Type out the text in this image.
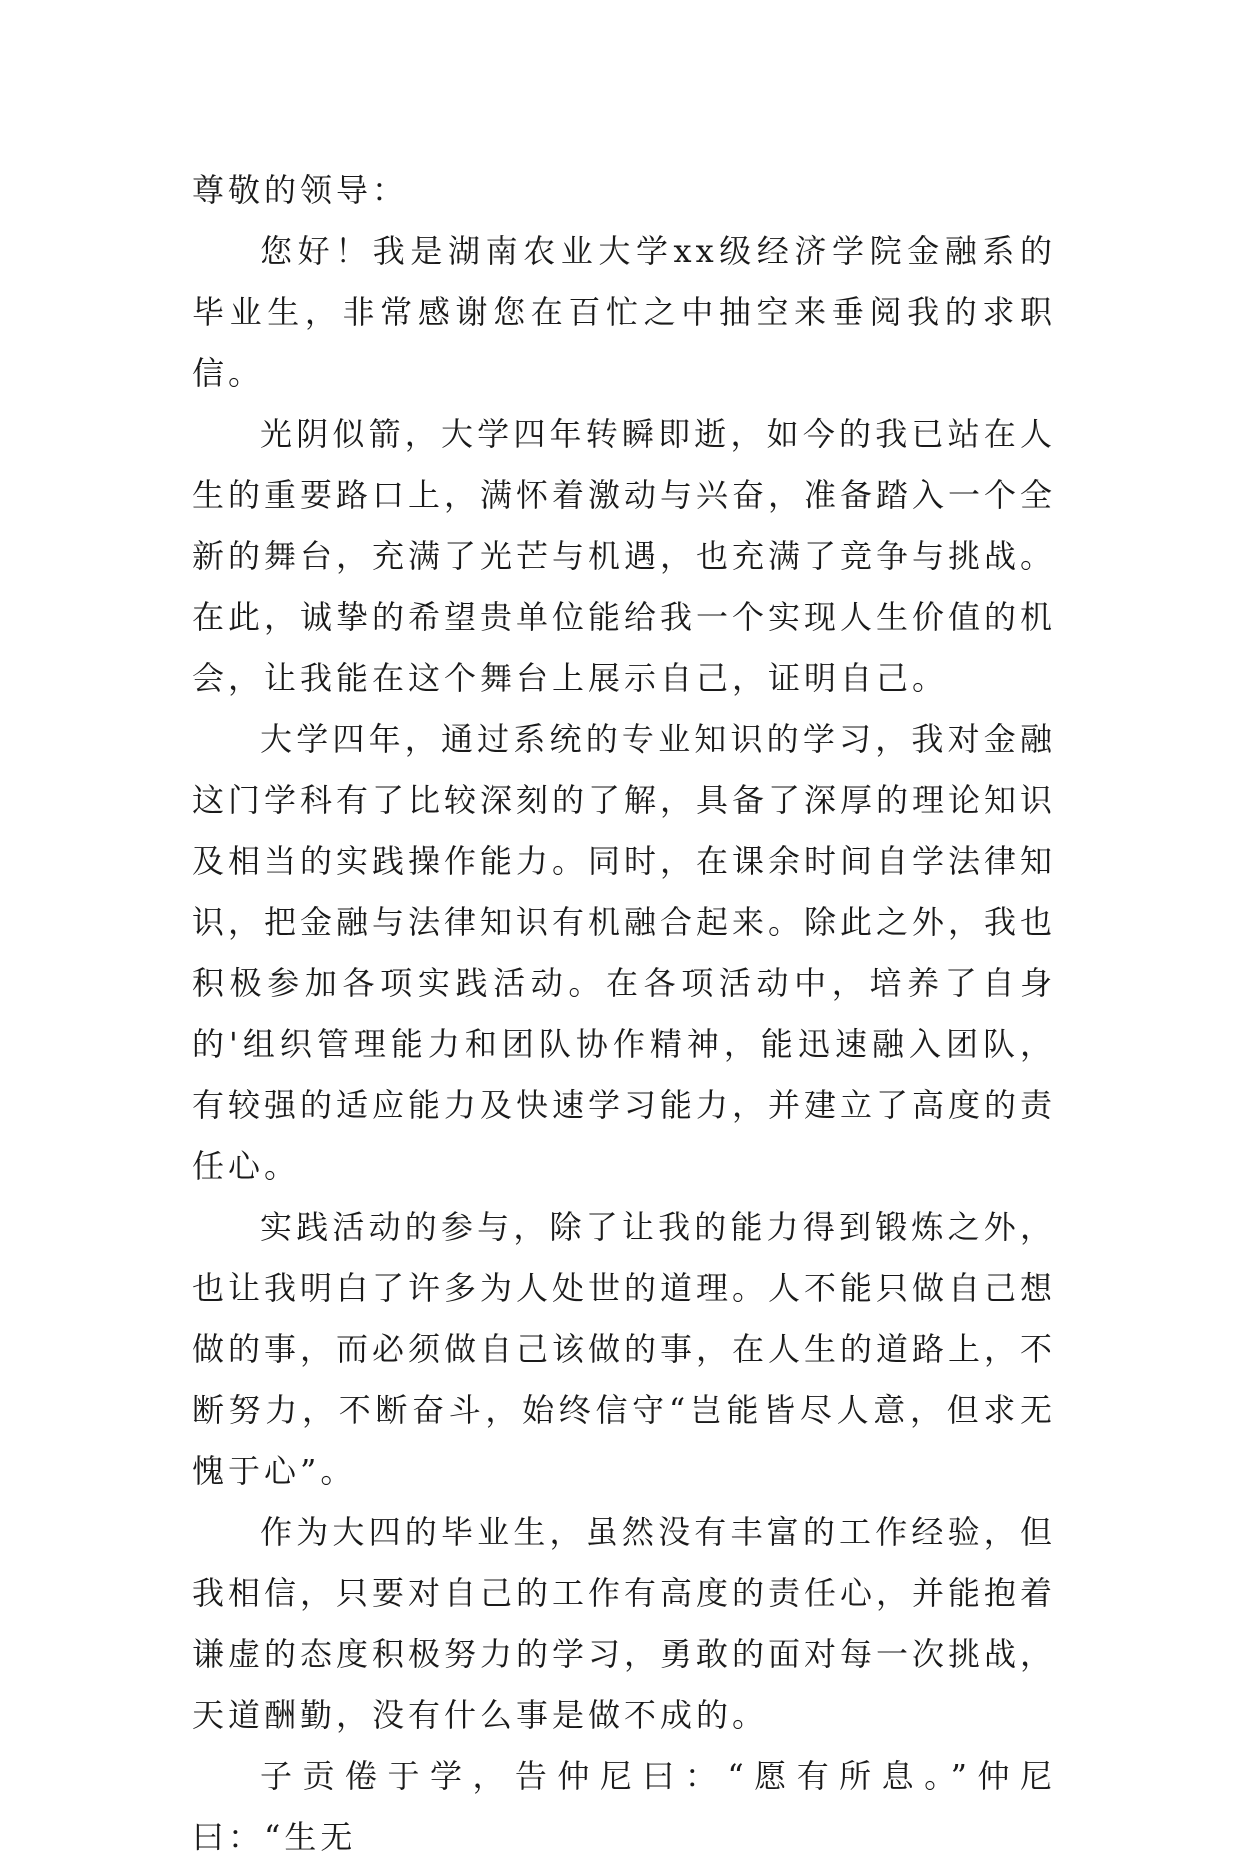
尊敬的领导：

您好！我是湖南农业大学xx级经济学院金融系的毕业生，非常感谢您在百忙之中抽空来垂阅我的求职信。

光阴似箭，大学四年转瞬即逝，如今的我已站在人生的重要路口上，满怀着激动与兴奋，准备踏入一个全新的舞台，充满了光芒与机遇，也充满了竞争与挑战。在此，诚挚的希望贵单位能给我一个实现人生价值的机会，让我能在这个舞台上展示自己，证明自己。

大学四年，通过系统的专业知识的学习，我对金融这门学科有了比较深刻的了解，具备了深厚的理论知识及相当的实践操作能力。同时，在课余时间自学法律知识，把金融与法律知识有机融合起来。除此之外，我也积极参加各项实践活动。在各项活动中，培养了自身的'组织管理能力和团队协作精神，能迅速融入团队，有较强的适应能力及快速学习能力，并建立了高度的责任心。

实践活动的参与，除了让我的能力得到锻炼之外，也让我明白了许多为人处世的道理。人不能只做自己想做的事，而必须做自己该做的事，在人生的道路上，不断努力，不断奋斗，始终信守“岂能皆尽人意，但求无愧于心”。

作为大四的毕业生，虽然没有丰富的工作经验，但我相信，只要对自己的工作有高度的责任心，并能抱着谦虚的态度积极努力的学习，勇敢的面对每一次挑战，天道酬勤，没有什么事是做不成的。

子贡倦于学，告仲尼曰：“愿有所息。”仲尼曰：“生无
